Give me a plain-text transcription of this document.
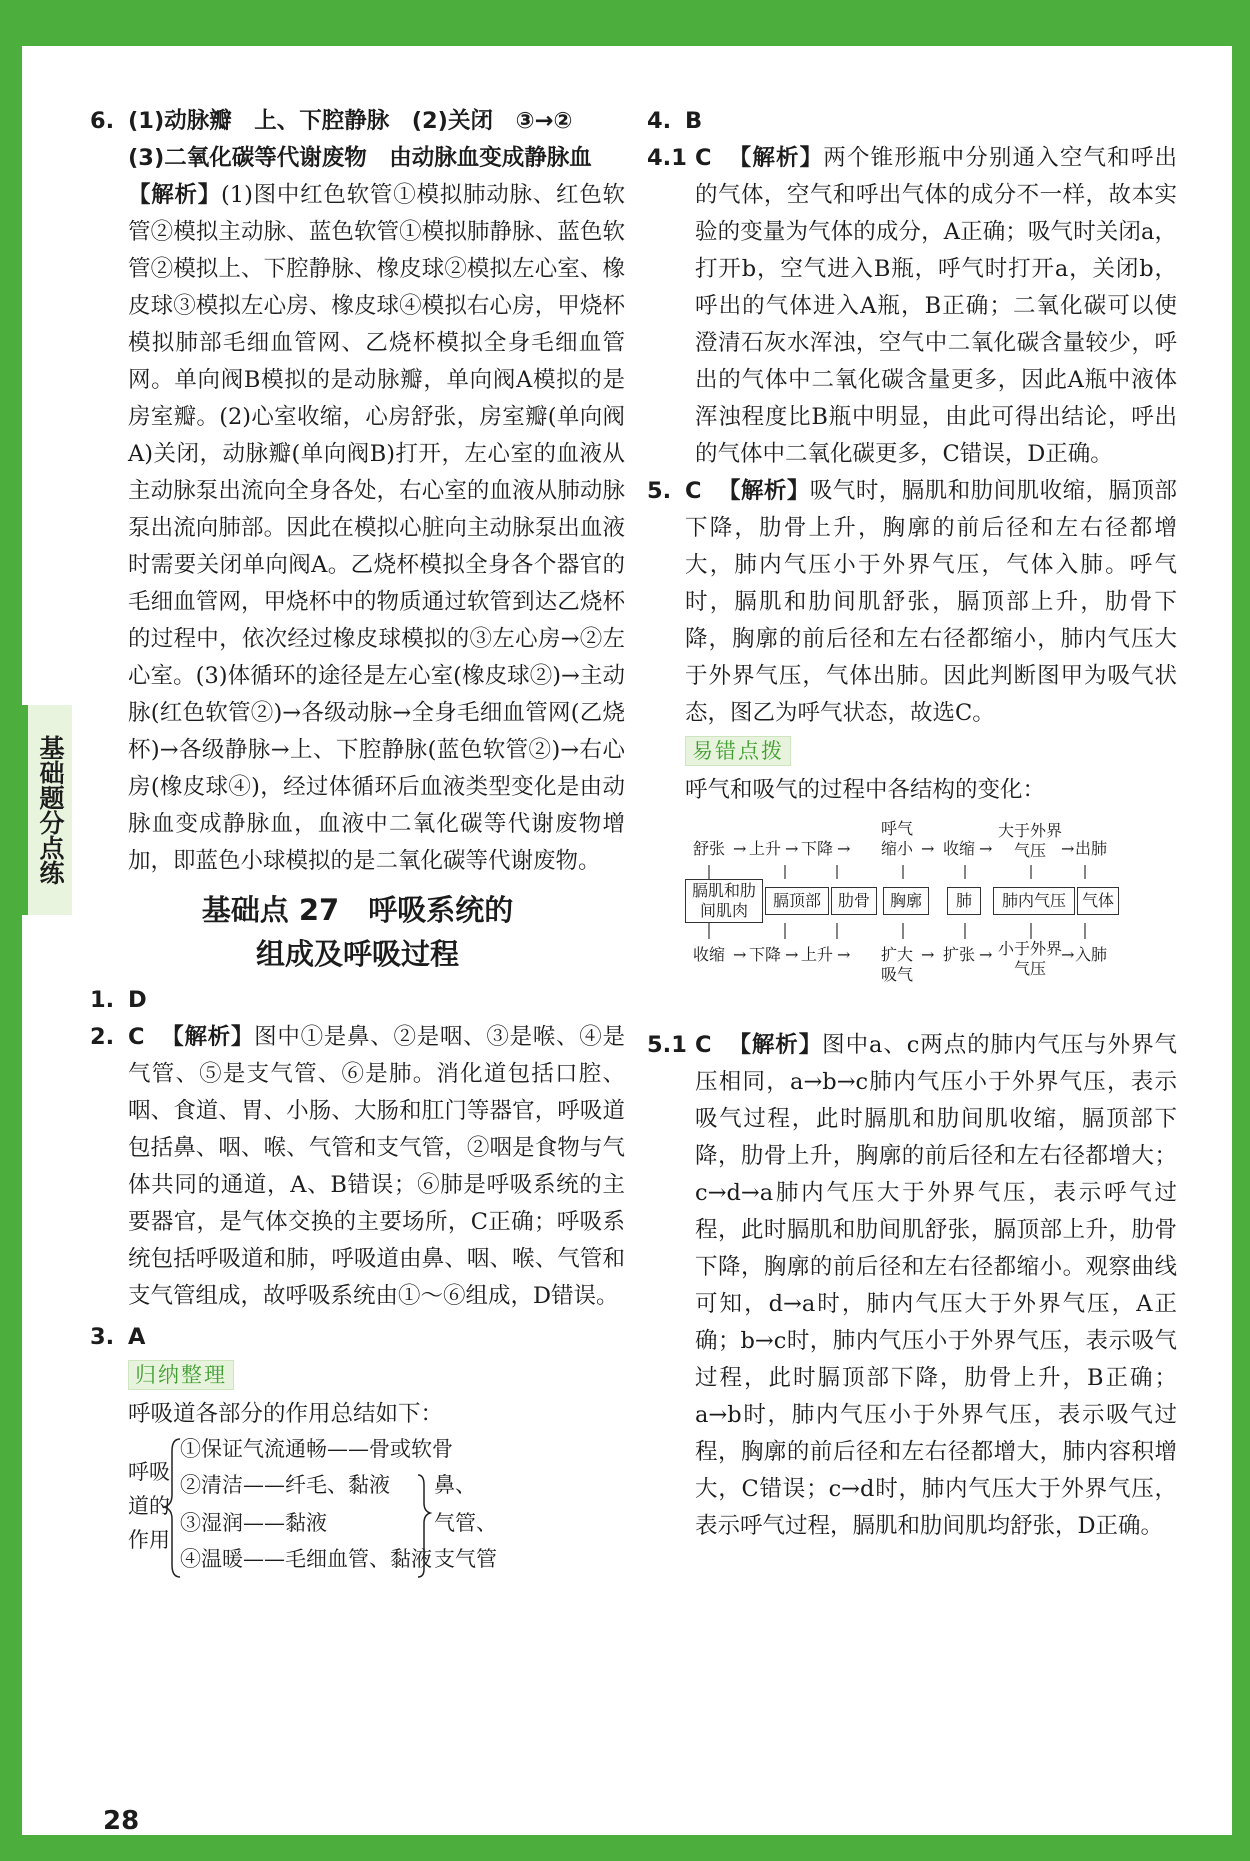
基础题分点练
6. (1)动脉瓣　上、下腔静脉　(2)关闭　③→②
(3)二氧化碳等代谢废物　由动脉血变成静脉血
【解析】(1)图中红色软管①模拟肺动脉、红色软管②模拟主动脉、蓝色软管①模拟肺静脉、蓝色软管②模拟上、下腔静脉、橡皮球②模拟左心室、橡皮球③模拟左心房、橡皮球④模拟右心房，甲烧杯模拟肺部毛细血管网、乙烧杯模拟全身毛细血管网。单向阀B模拟的是动脉瓣，单向阀A模拟的是房室瓣。(2)心室收缩，心房舒张，房室瓣(单向阀A)关闭，动脉瓣(单向阀B)打开，左心室的血液从主动脉泵出流向全身各处，右心室的血液从肺动脉泵出流向肺部。因此在模拟心脏向主动脉泵出血液时需要关闭单向阀A。乙烧杯模拟全身各个器官的毛细血管网，甲烧杯中的物质通过软管到达乙烧杯的过程中，依次经过橡皮球模拟的③左心房→②左心室。(3)体循环的途径是左心室(橡皮球②)→主动脉(红色软管②)→各级动脉→全身毛细血管网(乙烧杯)→各级静脉→上、下腔静脉(蓝色软管②)→右心房(橡皮球④)，经过体循环后血液类型变化是由动脉血变成静脉血，血液中二氧化碳等代谢废物增加，即蓝色小球模拟的是二氧化碳等代谢废物。
基础点 27　呼吸系统的
组成及呼吸过程
1. D
2. C 【解析】图中①是鼻、②是咽、③是喉、④是气管、⑤是支气管、⑥是肺。消化道包括口腔、咽、食道、胃、小肠、大肠和肛门等器官，呼吸道包括鼻、咽、喉、气管和支气管，②咽是食物与气体共同的通道，A、B错误；⑥肺是呼吸系统的主要器官，是气体交换的主要场所，C正确；呼吸系统包括呼吸道和肺，呼吸道由鼻、咽、喉、气管和支气管组成，故呼吸系统由①～⑥组成，D错误。
3. A
归纳整理
呼吸道各部分的作用总结如下：
呼吸
道的
作用
①保证气流通畅——骨或软骨
②清洁——纤毛、黏液
③湿润——黏液
④温暖——毛细血管、黏液
鼻、
气管、
支气管
4. B
4.1 C 【解析】两个锥形瓶中分别通入空气和呼出的气体，空气和呼出气体的成分不一样，故本实验的变量为气体的成分，A正确；吸气时关闭a，打开b，空气进入B瓶，呼气时打开a，关闭b，呼出的气体进入A瓶，B正确；二氧化碳可以使澄清石灰水浑浊，空气中二氧化碳含量较少，呼出的气体中二氧化碳含量更多，因此A瓶中液体浑浊程度比B瓶中明显，由此可得出结论，呼出的气体中二氧化碳更多，C错误，D正确。
5. C 【解析】吸气时，膈肌和肋间肌收缩，膈顶部下降，肋骨上升，胸廓的前后径和左右径都增大，肺内气压小于外界气压，气体入肺。呼气时，膈肌和肋间肌舒张，膈顶部上升，肋骨下降，胸廓的前后径和左右径都缩小，肺内气压大于外界气压，气体出肺。因此判断图甲为吸气状态，图乙为呼气状态，故选C。
易错点拨
呼气和吸气的过程中各结构的变化：
舒张 → 上升 → 下降 →
呼气缩小 → 收缩 →
大于外界气压 → 出肺
膈肌和肋间肌肉
膈顶部	肋骨	胸廓	肺	肺内气压 气体
收缩 → 下降 → 上升 →	扩大吸气
→ 扩张 → 小于外界气压
→ 入肺
5.1 C 【解析】图中a、c两点的肺内气压与外界气压相同，a→b→c肺内气压小于外界气压，表示吸气过程，此时膈肌和肋间肌收缩，膈顶部下降，肋骨上升，胸廓的前后径和左右径都增大；c→d→a肺内气压大于外界气压，表示呼气过程，此时膈肌和肋间肌舒张，膈顶部上升，肋骨下降，胸廓的前后径和左右径都缩小。观察曲线可知，d→a时，肺内气压大于外界气压，A正确；b→c时，肺内气压小于外界气压，表示吸气过程，此时膈顶部下降，肋骨上升，B正确；a→b时，肺内气压小于外界气压，表示吸气过程，胸廓的前后径和左右径都增大，肺内容积增大，C错误；c→d时，肺内气压大于外界气压，表示呼气过程，膈肌和肋间肌均舒张，D正确。
28
